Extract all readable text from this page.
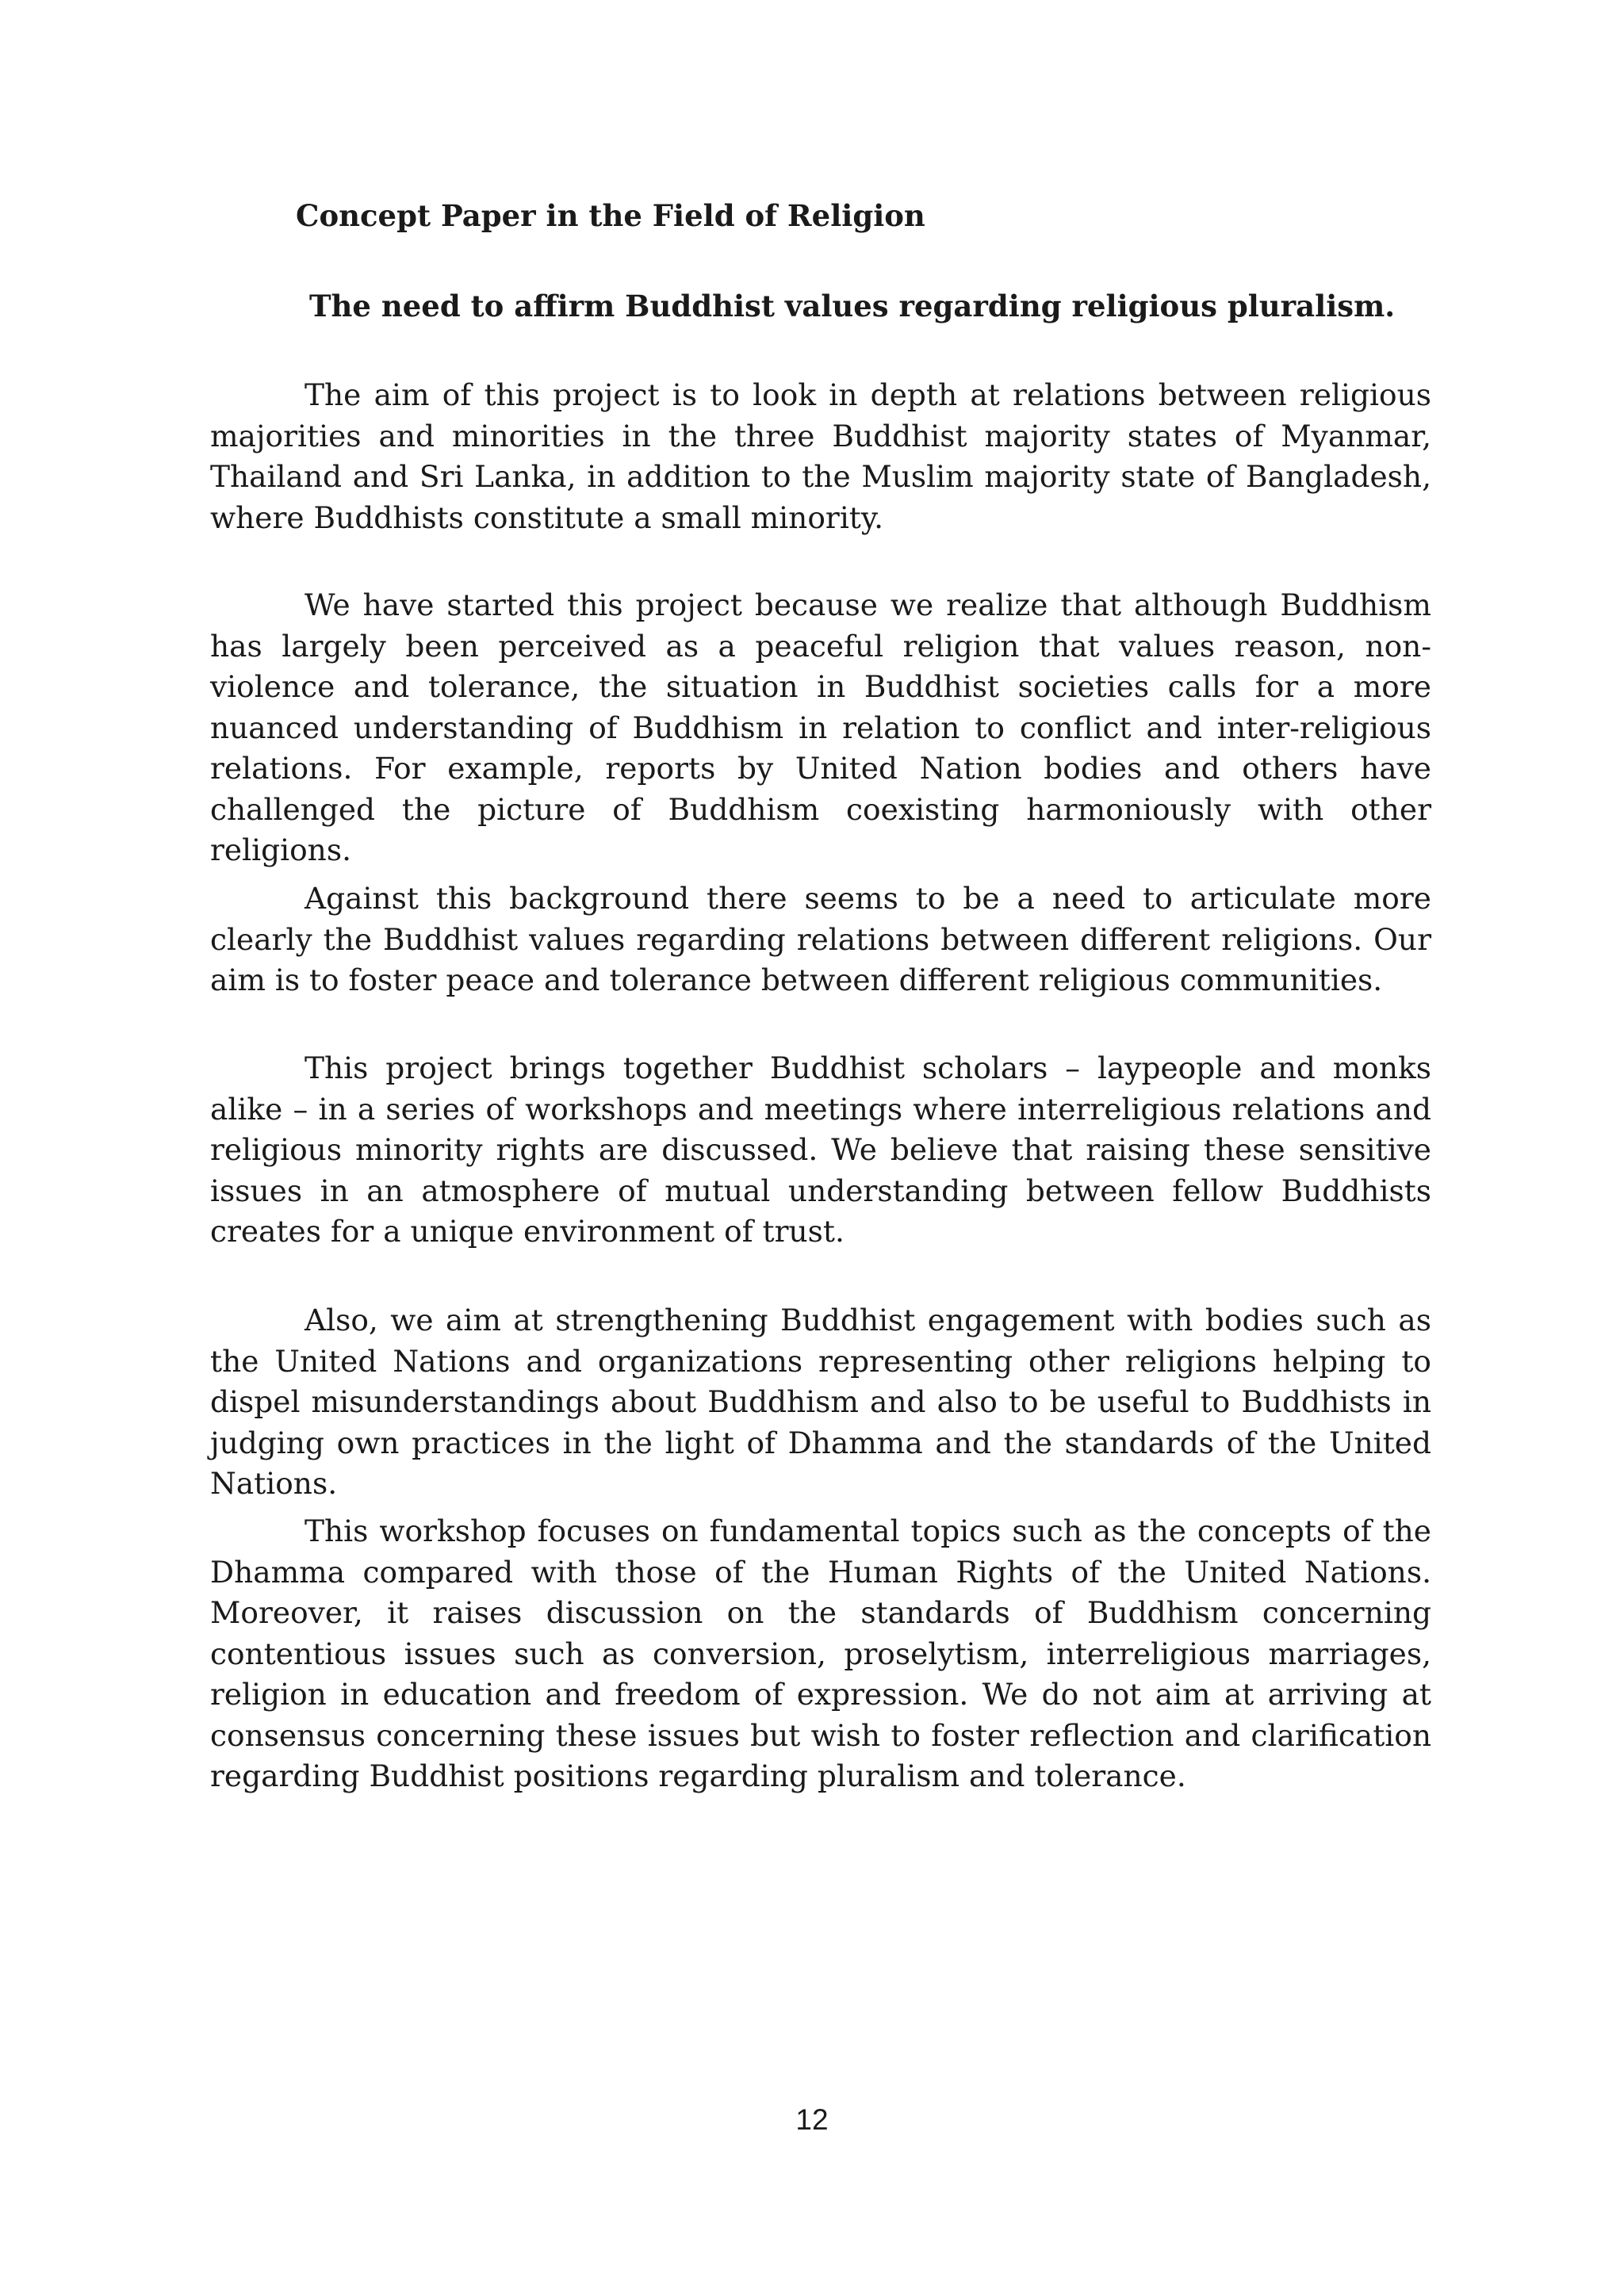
Concept Paper in the Field of Religion
The need to affirm Buddhist values regarding religious pluralism.

The aim of this project is to look in depth at relations between religious majorities and minorities in the three Buddhist majority states of Myanmar, Thailand and Sri Lanka, in addition to the Muslim majority state of Bangladesh, where Buddhists constitute a small minority.

We have started this project because we realize that although Buddhism has largely been perceived as a peaceful religion that values reason, non-violence and tolerance, the situation in Buddhist societies calls for a more nuanced understanding of Buddhism in relation to conflict and inter-religious relations. For example, reports by United Nation bodies and others have challenged the picture of Buddhism coexisting harmoniously with other religions.

Against this background there seems to be a need to articulate more clearly the Buddhist values regarding relations between different religions. Our aim is to foster peace and tolerance between different religious communities.

This project brings together Buddhist scholars – laypeople and monks alike – in a series of workshops and meetings where interreligious relations and religious minority rights are discussed. We believe that raising these sensitive issues in an atmosphere of mutual understanding between fellow Buddhists creates for a unique environment of trust.

Also, we aim at strengthening Buddhist engagement with bodies such as the United Nations and organizations representing other religions helping to dispel misunderstandings about Buddhism and also to be useful to Buddhists in judging own practices in the light of Dhamma and the standards of the United Nations.

This workshop focuses on fundamental topics such as the concepts of the Dhamma compared with those of the Human Rights of the United Nations. Moreover, it raises discussion on the standards of Buddhism concerning contentious issues such as conversion, proselytism, interreligious marriages, religion in education and freedom of expression. We do not aim at arriving at consensus concerning these issues but wish to foster reflection and clarification regarding Buddhist positions regarding pluralism and tolerance.

12
